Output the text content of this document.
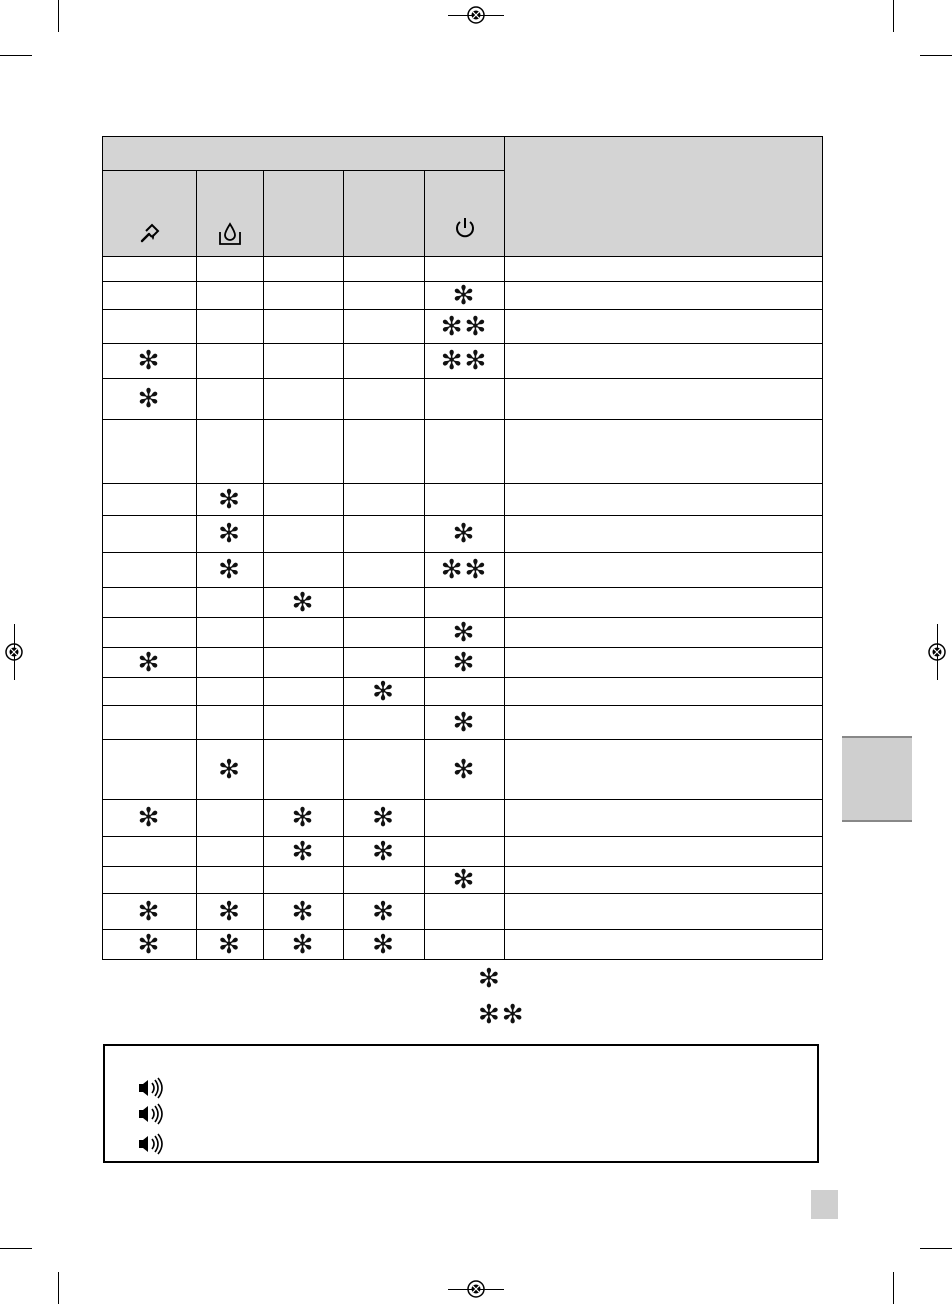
				✻	
				✻✻	
✻				✻✻	
✻					

	✻				
	✻			✻	
	✻			✻✻	
		✻			
				✻	
✻				✻	
			✻		
				✻	
	✻			✻	
✻		✻	✻		
		✻	✻		
				✻	
✻	✻	✻	✻		
✻	✻	✻	✻		
✻
✻✻
